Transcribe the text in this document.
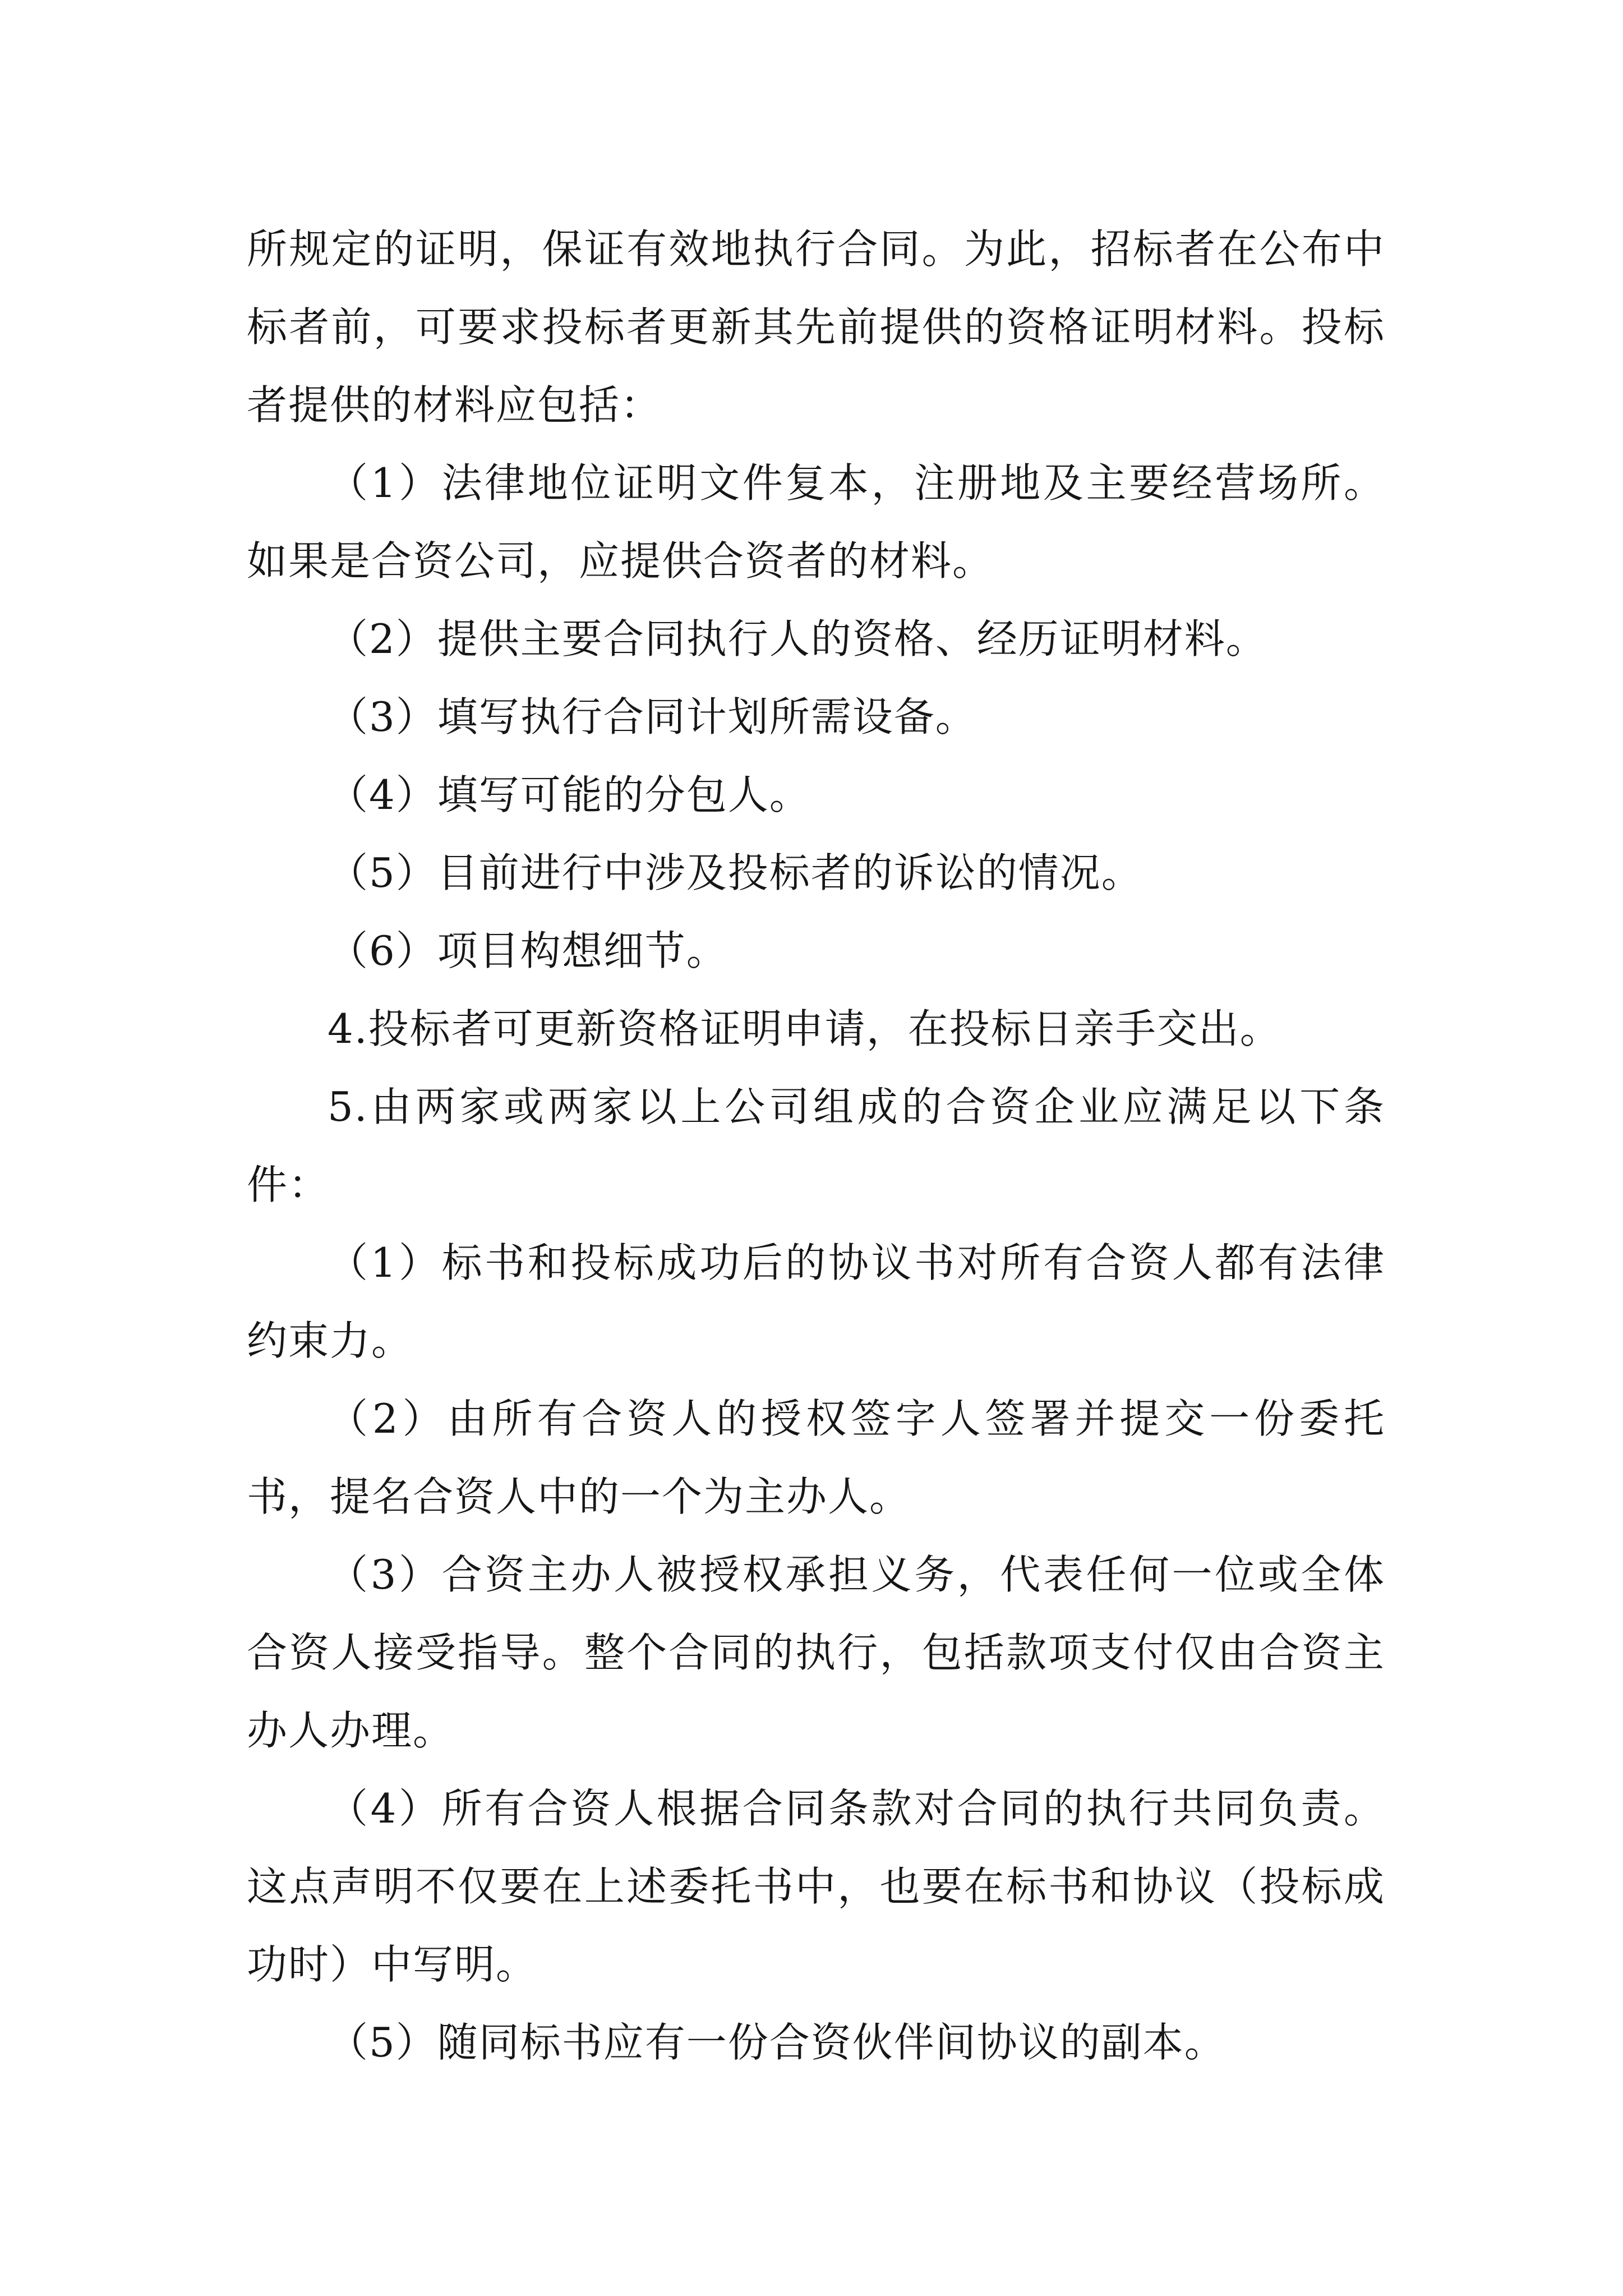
所规定的证明，保证有效地执行合同。为此，招标者在公布中标者前，可要求投标者更新其先前提供的资格证明材料。投标者提供的材料应包括：

（1）法律地位证明文件复本，注册地及主要经营场所。如果是合资公司，应提供合资者的材料。

（2）提供主要合同执行人的资格、经历证明材料。

（3）填写执行合同计划所需设备。

（4）填写可能的分包人。

（5）目前进行中涉及投标者的诉讼的情况。

（6）项目构想细节。

4.投标者可更新资格证明申请，在投标日亲手交出。

5.由两家或两家以上公司组成的合资企业应满足以下条件：

（1）标书和投标成功后的协议书对所有合资人都有法律约束力。

（2）由所有合资人的授权签字人签署并提交一份委托书，提名合资人中的一个为主办人。

（3）合资主办人被授权承担义务，代表任何一位或全体合资人接受指导。整个合同的执行，包括款项支付仅由合资主办人办理。

（4）所有合资人根据合同条款对合同的执行共同负责。这点声明不仅要在上述委托书中，也要在标书和协议（投标成功时）中写明。

（5）随同标书应有一份合资伙伴间协议的副本。
